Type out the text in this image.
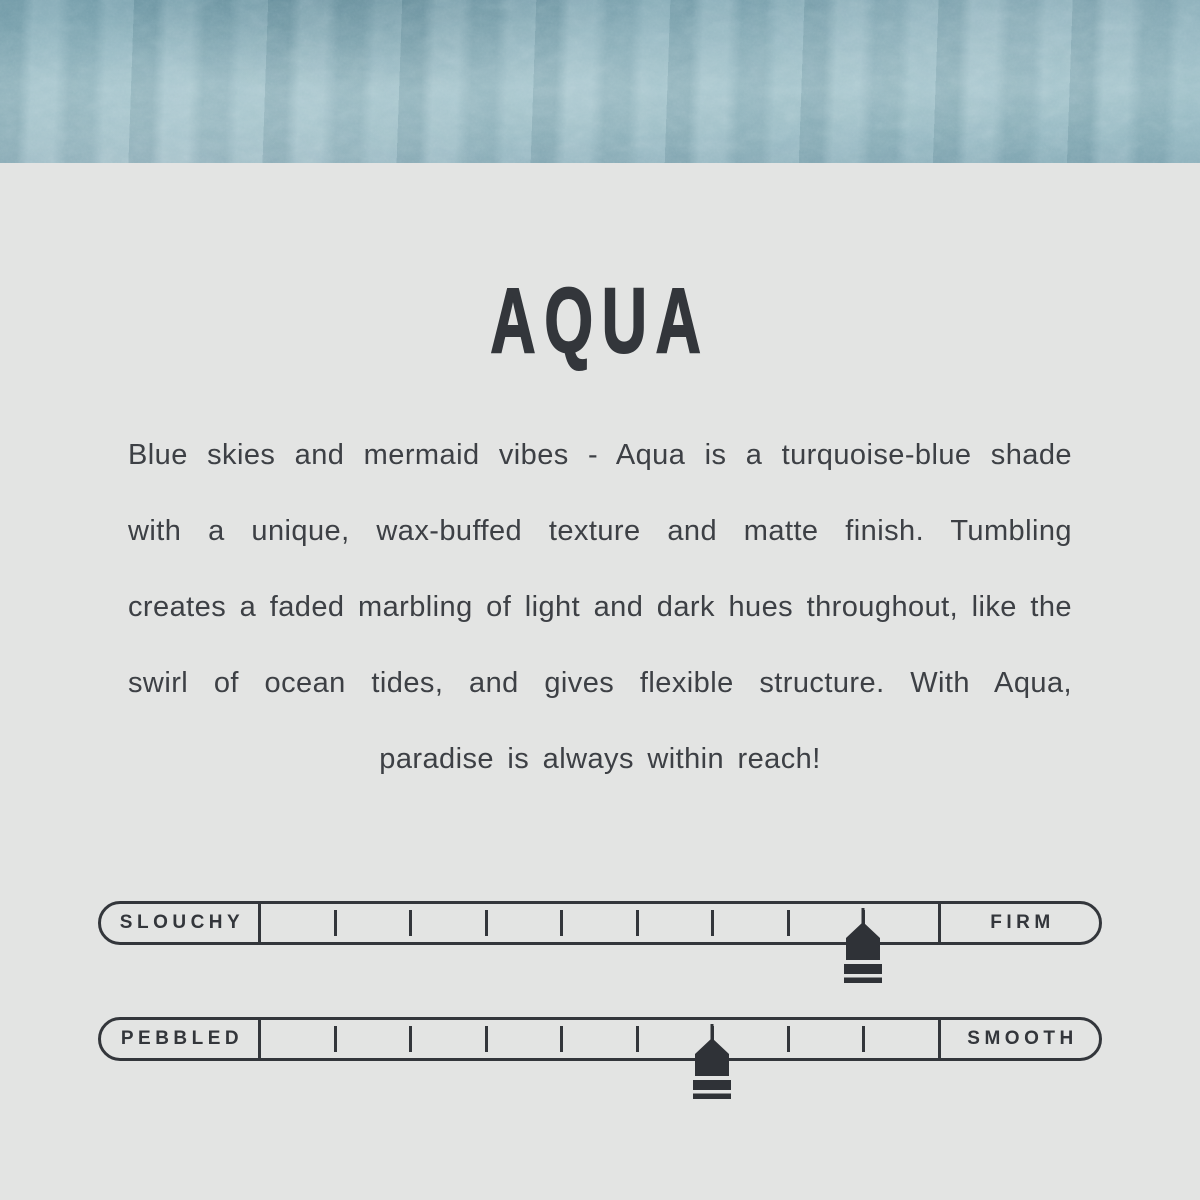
AQUA

Blue skies and mermaid vibes - Aqua is a turquoise-blue shade with a unique, wax-buffed texture and matte finish. Tumbling creates a faded marbling of light and dark hues throughout, like the swirl of ocean tides, and gives flexible structure. With Aqua, paradise is always within reach!

SLOUCHY	FIRM
PEBBLED	SMOOTH
